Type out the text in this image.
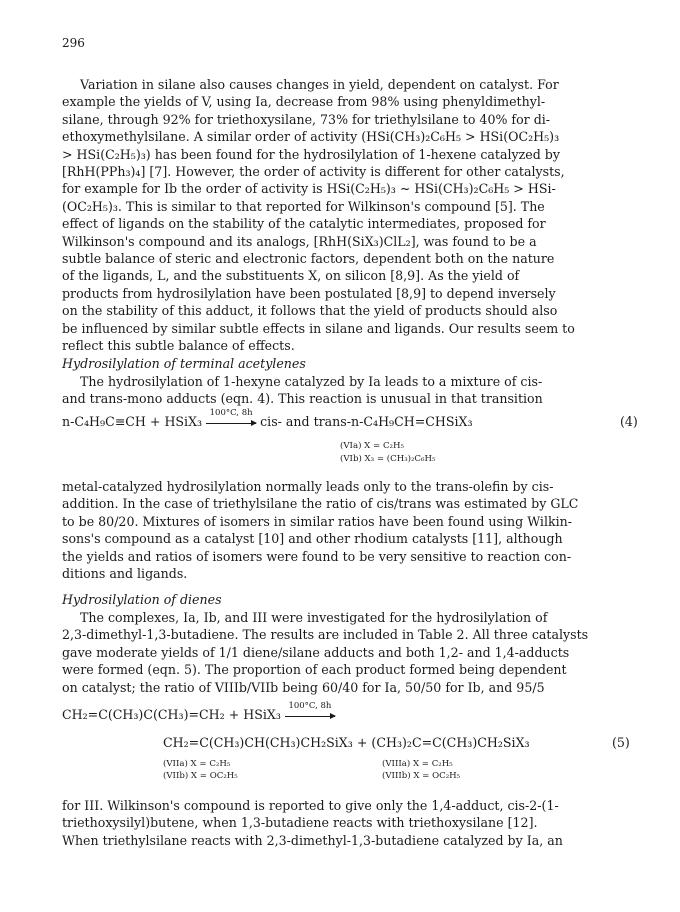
296

Variation in silane also causes changes in yield, dependent on catalyst. For
example the yields of V, using Ia, decrease from 98% using phenyldimethyl-
silane, through 92% for triethoxysilane, 73% for triethylsilane to 40% for di-
ethoxymethylsilane. A similar order of activity (HSi(CH₃)₂C₆H₅ > HSi(OC₂H₅)₃
> HSi(C₂H₅)₃) has been found for the hydrosilylation of 1-hexene catalyzed by
[RhH(PPh₃)₄] [7]. However, the order of activity is different for other catalysts,
for example for Ib the order of activity is HSi(C₂H₅)₃ ~ HSi(CH₃)₂C₆H₅ > HSi-
(OC₂H₅)₃. This is similar to that reported for Wilkinson's compound [5]. The
effect of ligands on the stability of the catalytic intermediates, proposed for
Wilkinson's compound and its analogs, [RhH(SiX₃)ClL₂], was found to be a
subtle balance of steric and electronic factors, dependent both on the nature
of the ligands, L, and the substituents X, on silicon [8,9]. As the yield of
products from hydrosilylation have been postulated [8,9] to depend inversely
on the stability of this adduct, it follows that the yield of products should also
be influenced by similar subtle effects in silane and ligands. Our results seem to
reflect this subtle balance of effects.

Hydrosilylation of terminal acetylenes

The hydrosilylation of 1-hexyne catalyzed by Ia leads to a mixture of cis-
and trans-mono adducts (eqn. 4). This reaction is unusual in that transition

n-C₄H₉C≡CH + HSiX₃
100°C, 8h
cis- and trans-n-C₄H₉CH=CHSiX₃	(4)
(VIa) X = C₂H₅
(VIb) X₃ = (CH₃)₂C₆H₅

metal-catalyzed hydrosilylation normally leads only to the trans-olefin by cis-
addition. In the case of triethylsilane the ratio of cis/trans was estimated by GLC
to be 80/20. Mixtures of isomers in similar ratios have been found using Wilkin-
sons's compound as a catalyst [10] and other rhodium catalysts [11], although
the yields and ratios of isomers were found to be very sensitive to reaction con-
ditions and ligands.

Hydrosilylation of dienes

The complexes, Ia, Ib, and III were investigated for the hydrosilylation of
2,3-dimethyl-1,3-butadiene. The results are included in Table 2. All three catalysts
gave moderate yields of 1/1 diene/silane adducts and both 1,2- and 1,4-adducts
were formed (eqn. 5). The proportion of each product formed being dependent
on catalyst; the ratio of VIIIb/VIIb being 60/40 for Ia, 50/50 for Ib, and 95/5

CH₂=C(CH₃)C(CH₃)=CH₂ + HSiX₃
100°C, 8h
CH₂=C(CH₃)CH(CH₃)CH₂SiX₃ + (CH₃)₂C=C(CH₃)CH₂SiX₃	(5)
(VIIa) X = C₂H₅
(VIIb) X = OC₂H₅
(VIIIa) X = C₂H₅
(VIIIb) X = OC₂H₅

for III. Wilkinson's compound is reported to give only the 1,4-adduct, cis-2-(1-
triethoxysilyl)butene, when 1,3-butadiene reacts with triethoxysilane [12].
When triethylsilane reacts with 2,3-dimethyl-1,3-butadiene catalyzed by Ia, an
